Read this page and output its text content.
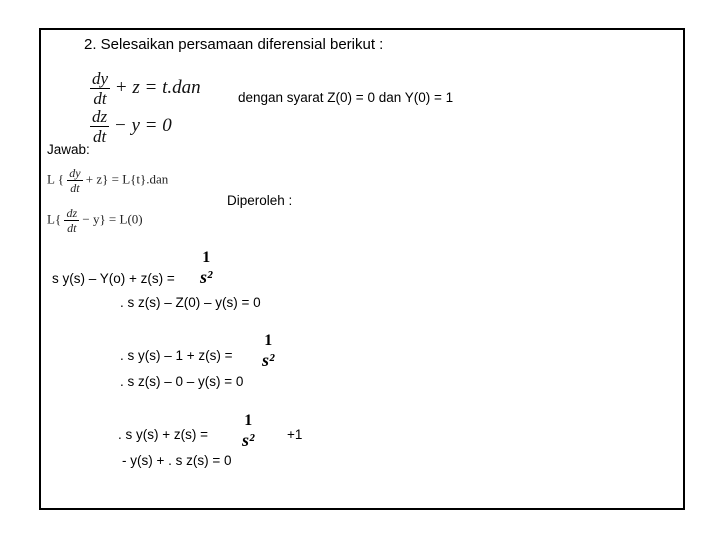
2. Selesaikan persamaan diferensial berikut :
$\frac{dy}{dt} + z = t.dan$
$\frac{dz}{dt} - y = 0$
dengan syarat Z(0) = 0 dan Y(0) = 1
Jawab:
L { $\frac{dy}{dt} + z\} = L\{t\}.dan$
$L\{ \frac{dz}{dt} - y\} = L(0)$
Diperoleh :
s y(s) – Y(o) + z(s) =
1
s²
. s z(s) – Z(0) – y(s) = 0
. s y(s) – 1 + z(s) =
1
s²
. s z(s) – 0 – y(s) = 0
. s y(s) + z(s) =
1
s² +1
- y(s) + . s z(s) = 0
